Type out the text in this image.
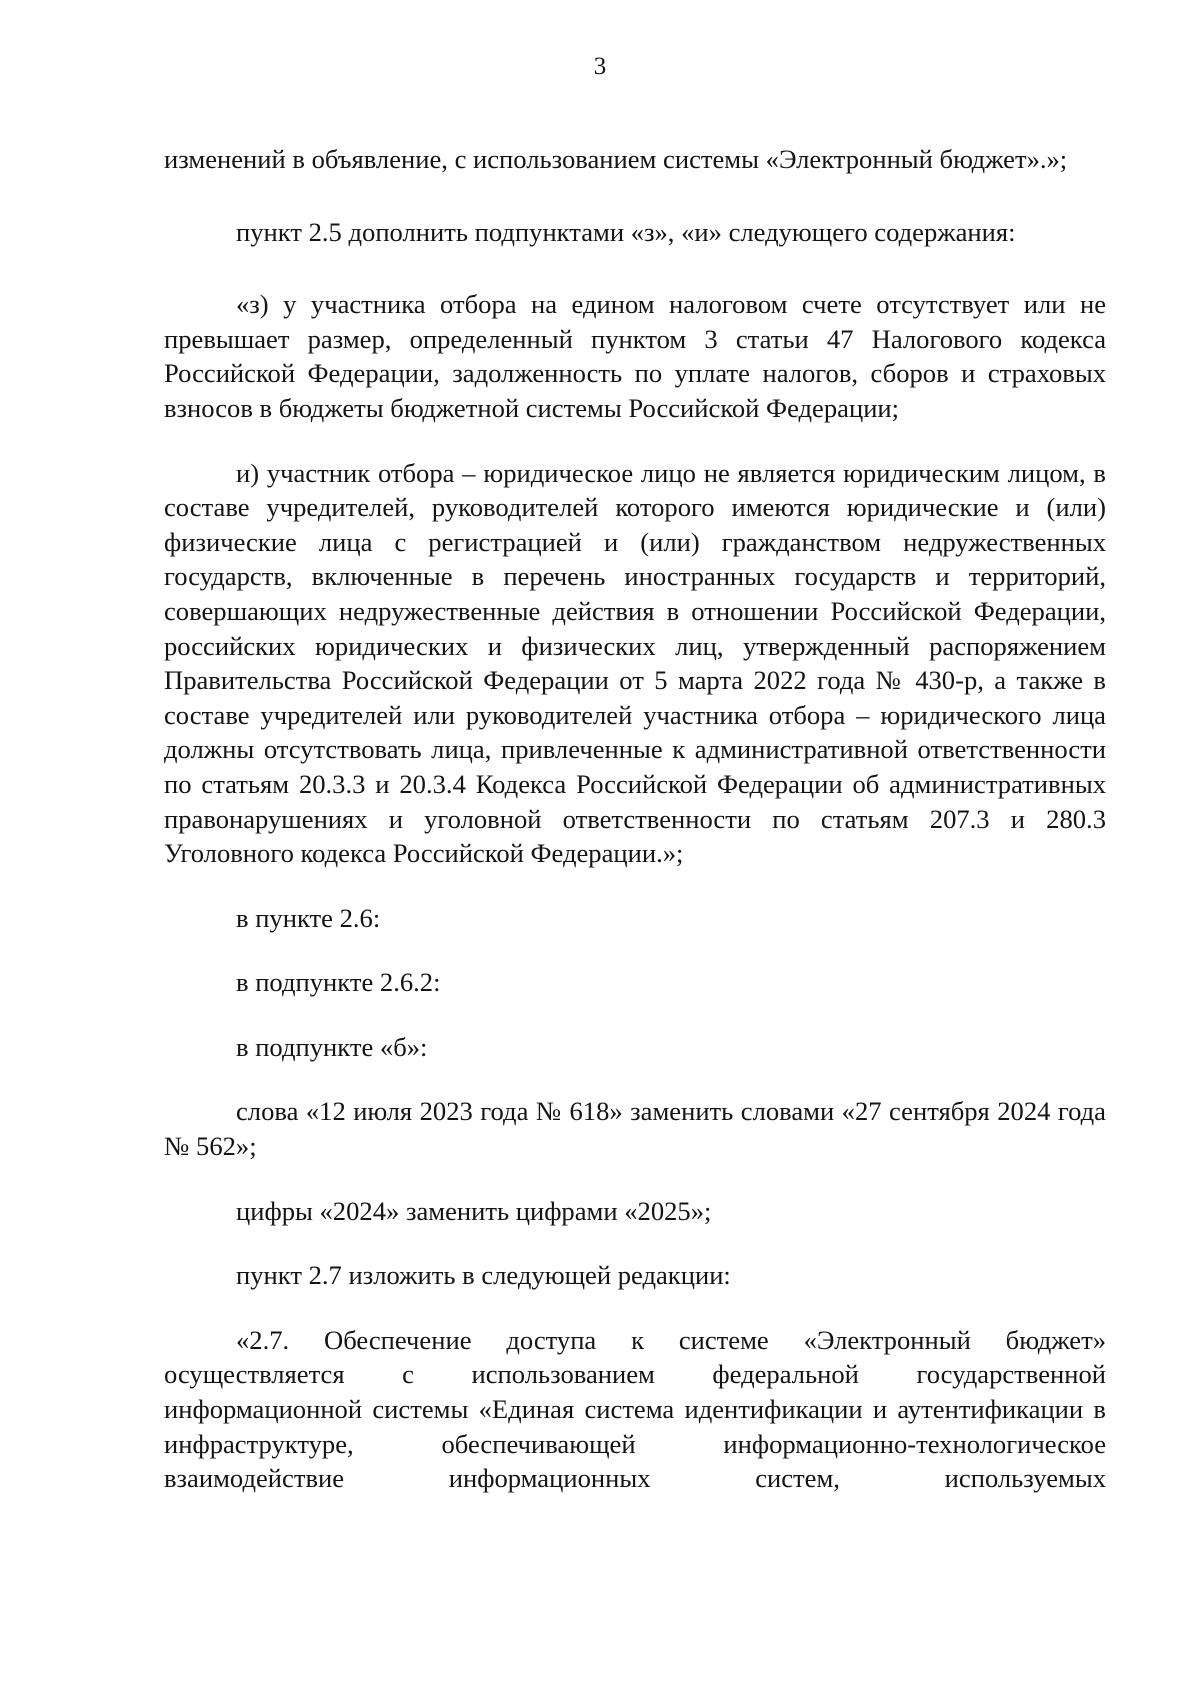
3

изменений в объявление, с использованием системы «Электронный бюджет».»;

пункт 2.5 дополнить подпунктами «з», «и» следующего содержания:

«з) у участника отбора на едином налоговом счете отсутствует или не превышает размер, определенный пунктом 3 статьи 47 Налогового кодекса Российской Федерации, задолженность по уплате налогов, сборов и страховых взносов в бюджеты бюджетной системы Российской Федерации;

и) участник отбора – юридическое лицо не является юридическим лицом, в составе учредителей, руководителей которого имеются юридические и (или) физические лица с регистрацией и (или) гражданством недружественных государств, включенные в перечень иностранных государств и территорий, совершающих недружественные действия в отношении Российской Федерации, российских юридических и физических лиц, утвержденный распоряжением Правительства Российской Федерации от 5 марта 2022 года № 430-р, а также в составе учредителей или руководителей участника отбора – юридического лица должны отсутствовать лица, привлеченные к административной ответственности по статьям 20.3.3 и 20.3.4 Кодекса Российской Федерации об административных правонарушениях и уголовной ответственности по статьям 207.3 и 280.3 Уголовного кодекса Российской Федерации.»;

в пункте 2.6:

в подпункте 2.6.2:

в подпункте «б»:

слова «12 июля 2023 года № 618» заменить словами «27 сентября 2024 года № 562»;

цифры «2024» заменить цифрами «2025»;

пункт 2.7 изложить в следующей редакции:

«2.7. Обеспечение доступа к системе «Электронный бюджет» осуществляется с использованием федеральной государственной информационной системы «Единая система идентификации и аутентификации в инфраструктуре, обеспечивающей информационно-технологическое взаимодействие информационных систем, используемых
